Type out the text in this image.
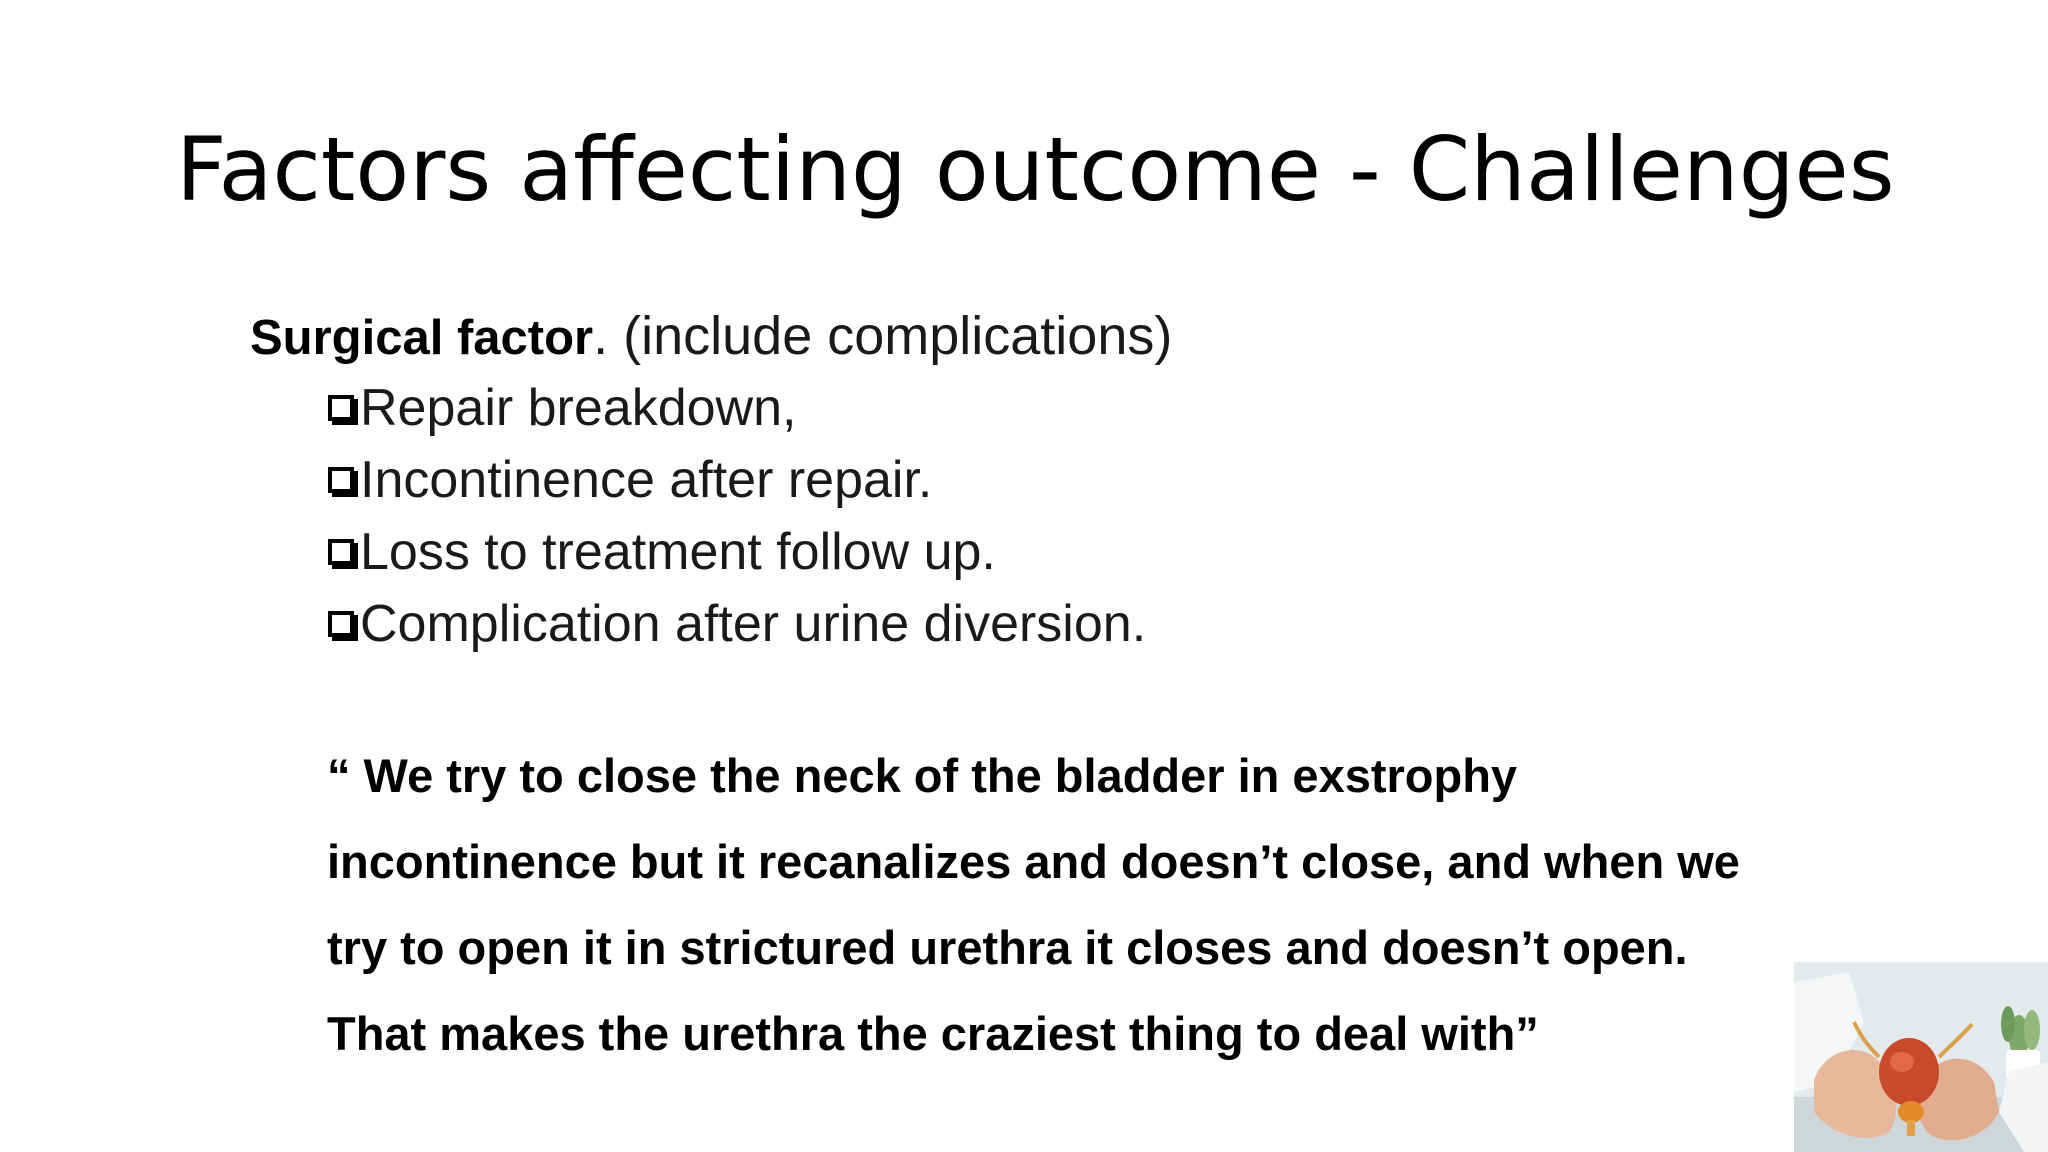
Factors affecting outcome - Challenges
Surgical factor. (include complications)
Repair breakdown,
Incontinence after repair.
Loss to treatment follow up.
Complication after urine diversion.

“ We try to close the neck of the bladder in exstrophy
incontinence but it recanalizes and doesn’t close, and when we
try to open it in strictured urethra it closes and doesn’t open.
That makes the urethra the craziest thing to deal with”
